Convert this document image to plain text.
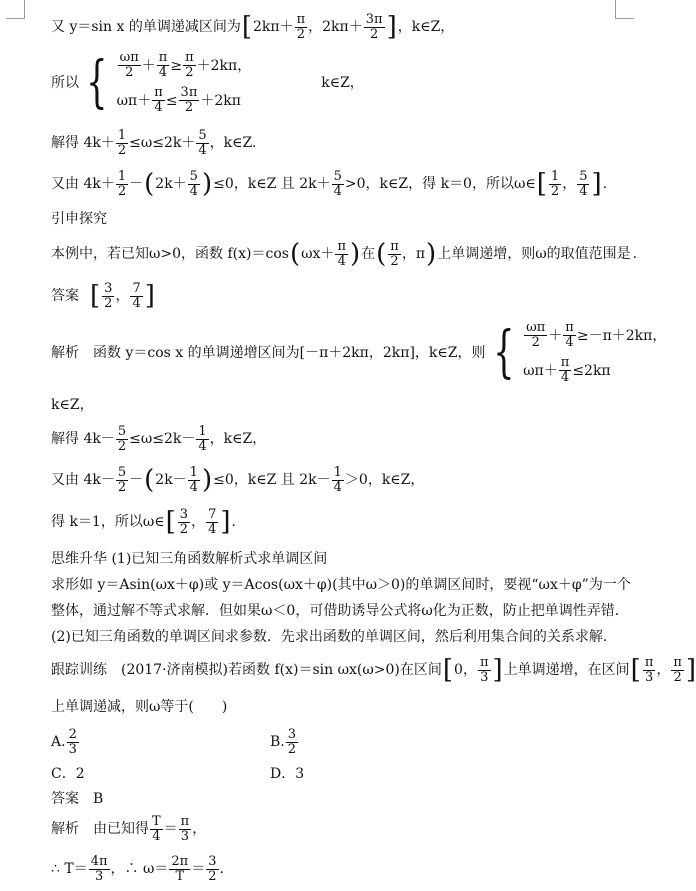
又 y＝sin x 的单调递减区间为 [ $2k\pi+ \frac{\pi}{2}$ ，$2k\pi+ \frac{3\pi}{2}$ ] ，k∈Z，
所以 { $\frac{\omega\pi}{2} + \frac{\pi}{4} \ge \frac{\pi}{2} +2k\pi$，
$\omega\pi+ \frac{\pi}{4} \le \frac{3\pi}{2} +2k\pi$
k∈Z，
解得 $4k+ \frac{1}{2} \le\omega\le 2k+ \frac{5}{4}$ ，k∈Z.
又由 $4k+ \frac{1}{2}$ － ( $2k+ \frac{5}{4}$ ) ≤0，k∈Z 且 $2k+ \frac{5}{4} >0$，k∈Z，得 k＝0，所以ω∈ [ $\frac{1}{2}$ ， $\frac{5}{4}$ ] .
引申探究
本例中，若已知ω>0，函数 f(x)＝cos ( $\omega x+ \frac{\pi}{4}$ ) 在 ( $\frac{\pi}{2}$ ，π ) 上单调递增，则ω的取值范围是 .
答案 [ $\frac{3}{2}$ ， $\frac{7}{4}$ ]
解析　函数 y＝cos x 的单调递增区间为[－π＋2kπ，2kπ]，k∈Z，则 { $\frac{\omega\pi}{2} + \frac{\pi}{4} \ge-\pi+2k\pi$，
$\omega\pi+ \frac{\pi}{4} \le 2k\pi$
k∈Z，
解得 $4k- \frac{5}{2} \le\omega\le 2k- \frac{1}{4}$ ，k∈Z，
又由 $4k- \frac{5}{2}$ － ( $2k- \frac{1}{4}$ ) ≤0，k∈Z 且 $2k- \frac{1}{4} >0$，k∈Z，
得 k＝1，所以ω∈ [ $\frac{3}{2}$ ， $\frac{7}{4}$ ] .
思维升华 (1)已知三角函数解析式求单调区间
求形如 y＝Asin(ωx＋φ)或 y＝Acos(ωx＋φ)(其中ω＞0)的单调区间时，要视“ωx＋φ”为一个
整体，通过解不等式求解．但如果ω＜0，可借助诱导公式将ω化为正数，防止把单调性弄错．
(2)已知三角函数的单调区间求参数．先求出函数的单调区间，然后利用集合间的关系求解．
跟踪训练　(2017·济南模拟)若函数 f(x)＝sin ωx(ω>0)在区间 [ 0， $\frac{\pi}{3}$ ] 上单调递增，在区间 [ $\frac{\pi}{3}$ ， $\frac{\pi}{2}$ ]
上单调递减，则ω等于(　　)
A. $\frac{2}{3}$	B. $\frac{3}{2}$
C．2	D．3
答案　B
解析　由已知得 $\frac{T}{4} = \frac{\pi}{3}$ ，
∴ $T= \frac{4\pi}{3}$ ，∴ $\omega= \frac{2\pi}{T} = \frac{3}{2}$ .
